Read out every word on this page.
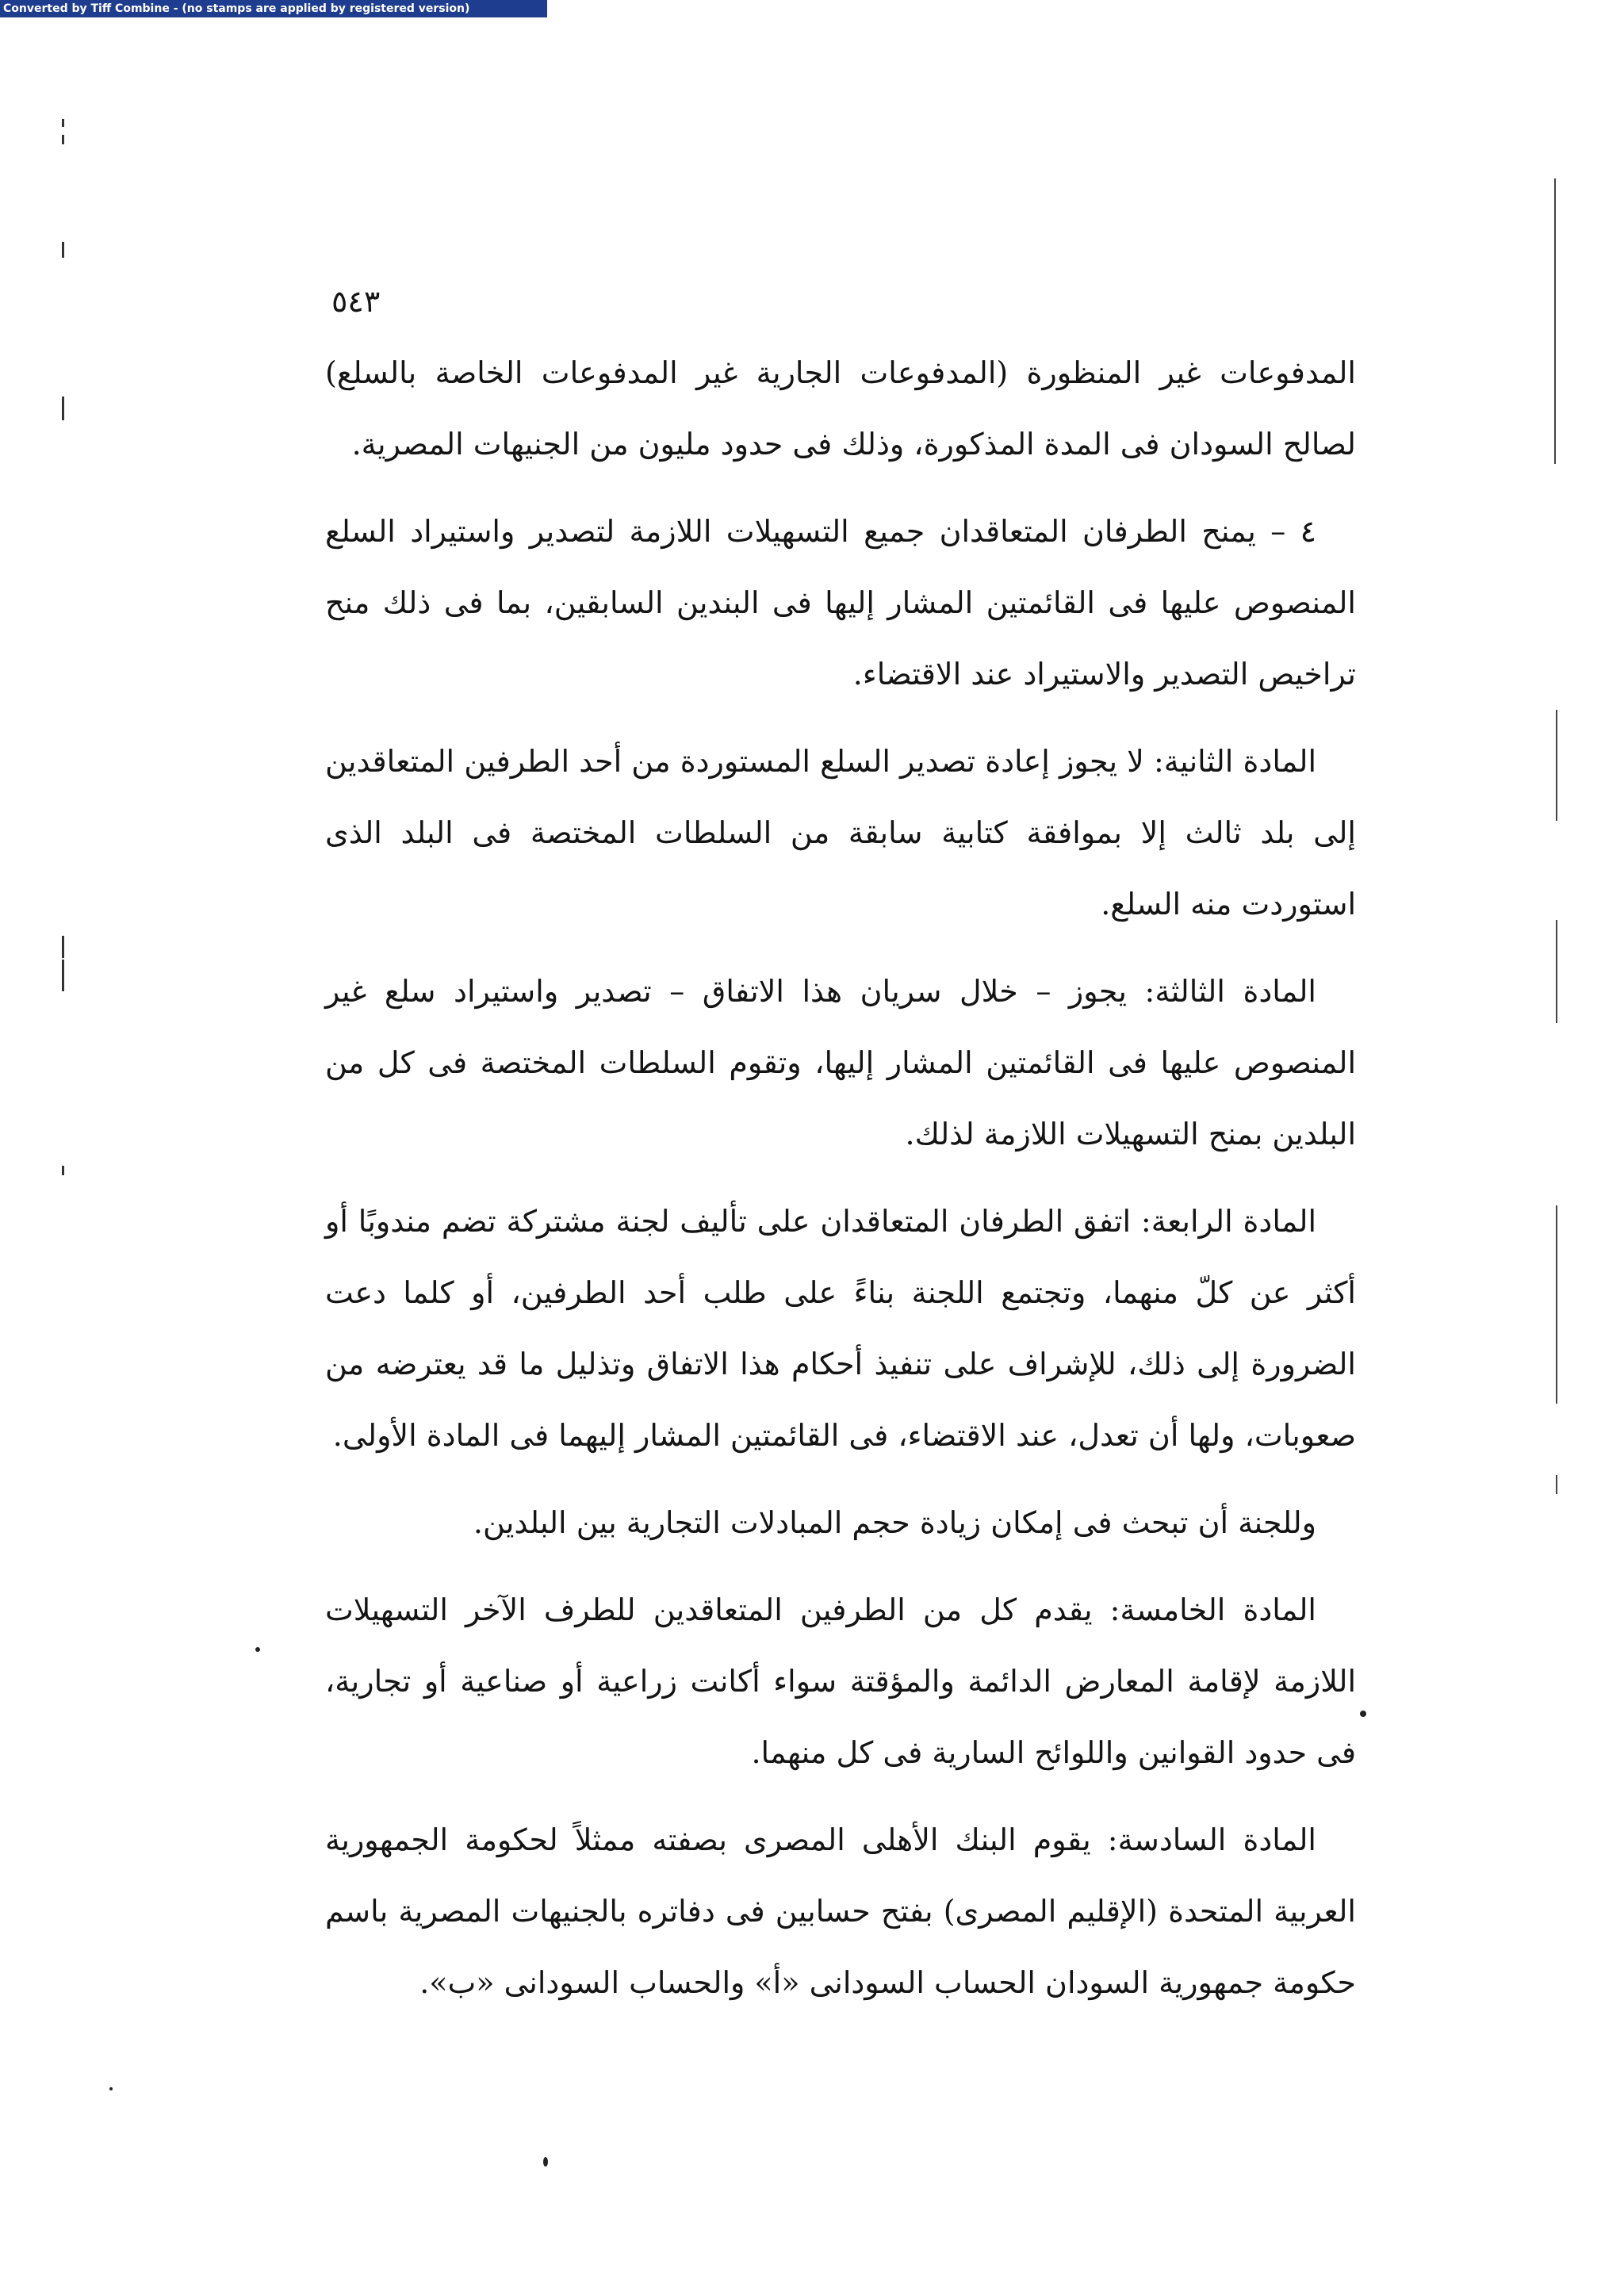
Converted by Tiff Combine - (no stamps are applied by registered version)
٥٤٣

المدفوعات غير المنظورة (المدفوعات الجارية غير المدفوعات الخاصة بالسلع) لصالح السودان فى المدة المذكورة، وذلك فى حدود مليون من الجنيهات المصرية.

٤ – يمنح الطرفان المتعاقدان جميع التسهيلات اللازمة لتصدير واستيراد السلع المنصوص عليها فى القائمتين المشار إليها فى البندين السابقين، بما فى ذلك منح تراخيص التصدير والاستيراد عند الاقتضاء.

المادة الثانية: لا يجوز إعادة تصدير السلع المستوردة من أحد الطرفين المتعاقدين إلى بلد ثالث إلا بموافقة كتابية سابقة من السلطات المختصة فى البلد الذى استوردت منه السلع.

المادة الثالثة: يجوز – خلال سريان هذا الاتفاق – تصدير واستيراد سلع غير المنصوص عليها فى القائمتين المشار إليها، وتقوم السلطات المختصة فى كل من البلدين بمنح التسهيلات اللازمة لذلك.

المادة الرابعة: اتفق الطرفان المتعاقدان على تأليف لجنة مشتركة تضم مندوبًا أو أكثر عن كلّ منهما، وتجتمع اللجنة بناءً على طلب أحد الطرفين، أو كلما دعت الضرورة إلى ذلك، للإشراف على تنفيذ أحكام هذا الاتفاق وتذليل ما قد يعترضه من صعوبات، ولها أن تعدل، عند الاقتضاء، فى القائمتين المشار إليهما فى المادة الأولى.

وللجنة أن تبحث فى إمكان زيادة حجم المبادلات التجارية بين البلدين.

المادة الخامسة: يقدم كل من الطرفين المتعاقدين للطرف الآخر التسهيلات اللازمة لإقامة المعارض الدائمة والمؤقتة سواء أكانت زراعية أو صناعية أو تجارية، فى حدود القوانين واللوائح السارية فى كل منهما.

المادة السادسة: يقوم البنك الأهلى المصرى بصفته ممثلاً لحكومة الجمهورية العربية المتحدة (الإقليم المصرى) بفتح حسابين فى دفاتره بالجنيهات المصرية باسم حكومة جمهورية السودان الحساب السودانى «أ» والحساب السودانى «ب».
